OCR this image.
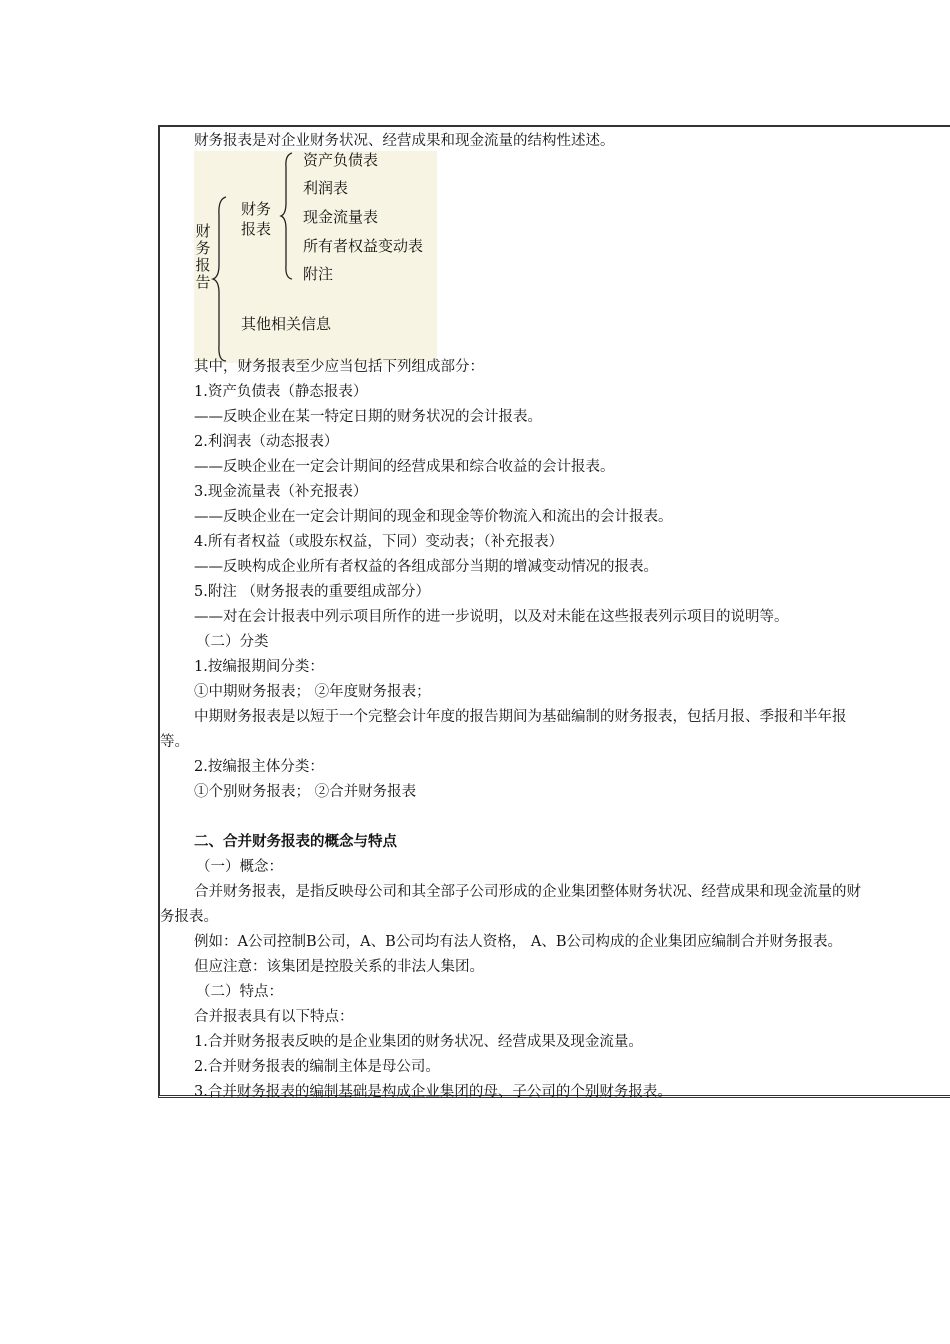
财务报表是对企业财务状况、经营成果和现金流量的结构性述述。
财务报告
财务报表
资产负债表
利润表
现金流量表
所有者权益变动表
附注
其他相关信息
其中，财务报表至少应当包括下列组成部分：
1.资产负债表（静态报表）
——反映企业在某一特定日期的财务状况的会计报表。
2.利润表（动态报表）
——反映企业在一定会计期间的经营成果和综合收益的会计报表。
3.现金流量表（补充报表）
——反映企业在一定会计期间的现金和现金等价物流入和流出的会计报表。
4.所有者权益（或股东权益，下同）变动表；（补充报表）
——反映构成企业所有者权益的各组成部分当期的增减变动情况的报表。
5.附注 （财务报表的重要组成部分）
——对在会计报表中列示项目所作的进一步说明，以及对未能在这些报表列示项目的说明等。
（二）分类
1.按编报期间分类：
①中期财务报表； ②年度财务报表；
中期财务报表是以短于一个完整会计年度的报告期间为基础编制的财务报表，包括月报、季报和半年报
等。
2.按编报主体分类：
①个别财务报表； ②合并财务报表
二、合并财务报表的概念与特点
（一）概念：
合并财务报表，是指反映母公司和其全部子公司形成的企业集团整体财务状况、经营成果和现金流量的财
务报表。
例如：A公司控制B公司，A、B公司均有法人资格， A、B公司构成的企业集团应编制合并财务报表。
但应注意：该集团是控股关系的非法人集团。
（二）特点：
合并报表具有以下特点：
1.合并财务报表反映的是企业集团的财务状况、经营成果及现金流量。
2.合并财务报表的编制主体是母公司。
3.合并财务报表的编制基础是构成企业集团的母、子公司的个别财务报表。
